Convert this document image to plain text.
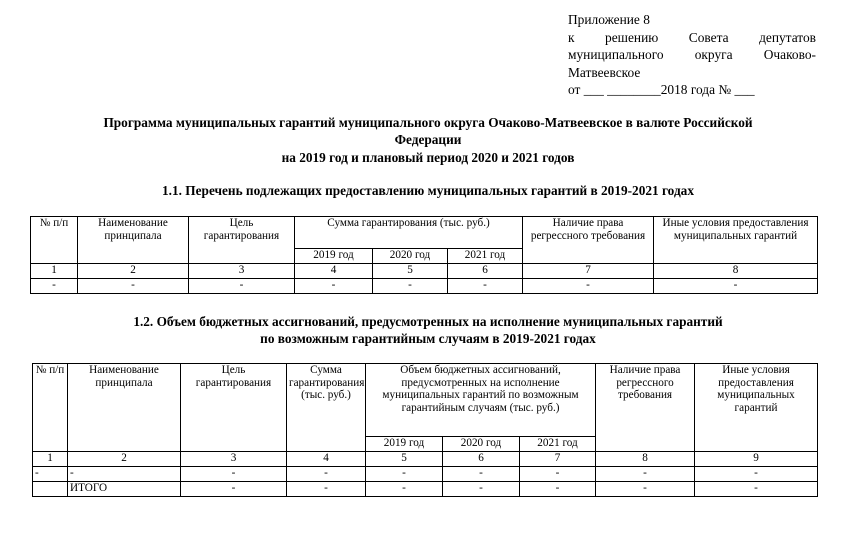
Приложение 8
к решению Совета депутатов
муниципального округа Очаково-
Матвеевское
от ___ ________2018 года № ___
Программа муниципальных гарантий муниципального округа Очаково-Матвеевское в валюте Российской
Федерации
на 2019 год и плановый период 2020 и 2021 годов
1.1. Перечень подлежащих предоставлению муниципальных гарантий в 2019-2021 годах
№ п/п	Наименование принципала	Цель гарантирования	Сумма гарантирования (тыс. руб.)			Наличие права регрессного требования	Иные условия предоставления муниципальных гарантий
			2019 год	2020 год	2021 год		
1	2	3	4	5	6	7	8
-	-	-	-	-	-	-	-
1.2. Объем бюджетных ассигнований, предусмотренных на исполнение муниципальных гарантий
по возможным гарантийным случаям в 2019-2021 годах
№ п/п	Наименование принципала	Цель гарантирования	Сумма гарантирования (тыс. руб.)	Объем бюджетных ассигнований, предусмотренных на исполнение муниципальных гарантий по возможным гарантийным случаям (тыс. руб.)			Наличие права регрессного требования	Иные условия предоставления муниципальных гарантий
				2019 год	2020 год	2021 год		
1	2	3	4	5	6	7	8	9
-	-	-	-	-	-	-	-	-
	ИТОГО	-	-	-	-	-	-	-
